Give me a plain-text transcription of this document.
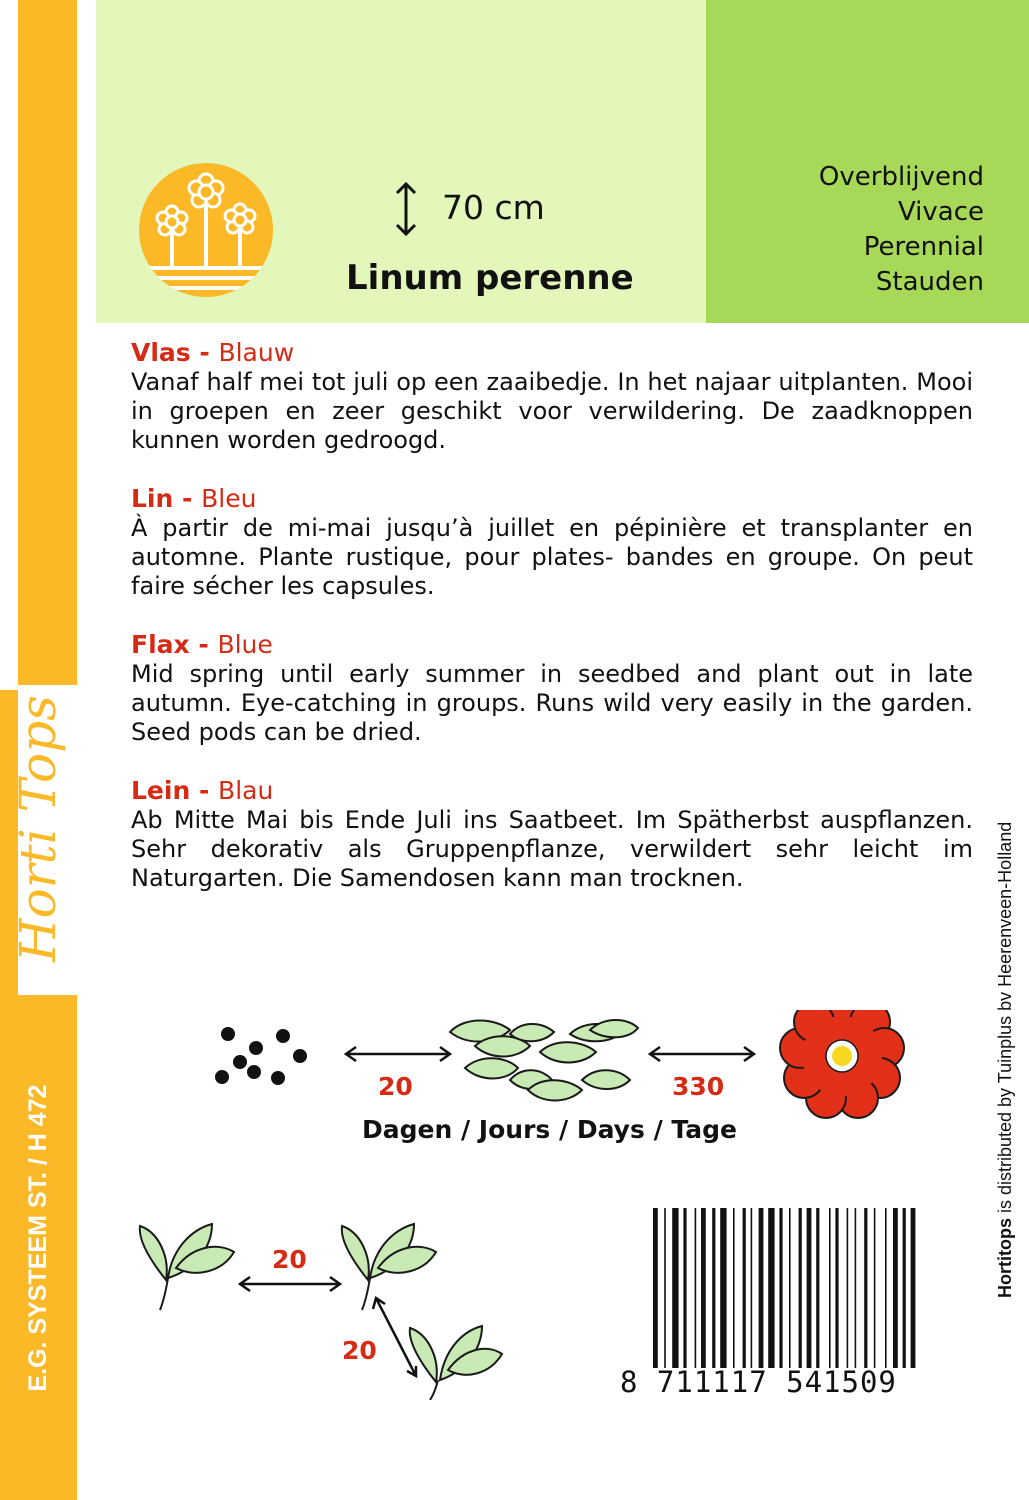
Horti Tops
E.G. SYSTEEM ST. / H 472
70 cm
Linum perenne
Overblijvend
Vivace
Perennial
Stauden
Vlas - Blauw
Vanaf half mei tot juli op een zaaibedje. In het najaar uitplanten. Mooi in groepen en zeer geschikt voor verwildering. De zaadknoppen kunnen worden gedroogd.
Lin - Bleu
À partir de mi-mai jusqu’à juillet en pépinière et transplanter en automne. Plante rustique, pour plates- bandes en groupe. On peut faire sécher les capsules.
Flax - Blue
Mid spring until early summer in seedbed and plant out in late autumn. Eye-catching in groups. Runs wild very easily in the garden. Seed pods can be dried.
Lein - Blau
Ab Mitte Mai bis Ende Juli ins Saatbeet. Im Spätherbst auspflanzen. Sehr dekorativ als Gruppenpflanze, verwildert sehr leicht im Naturgarten. Die Samendosen kann man trocknen.
20	330
Dagen / Jours / Days / Tage
20
20
8 711117 541509
Hortitops is distributed by Tuinplus bv Heerenveen-Holland
